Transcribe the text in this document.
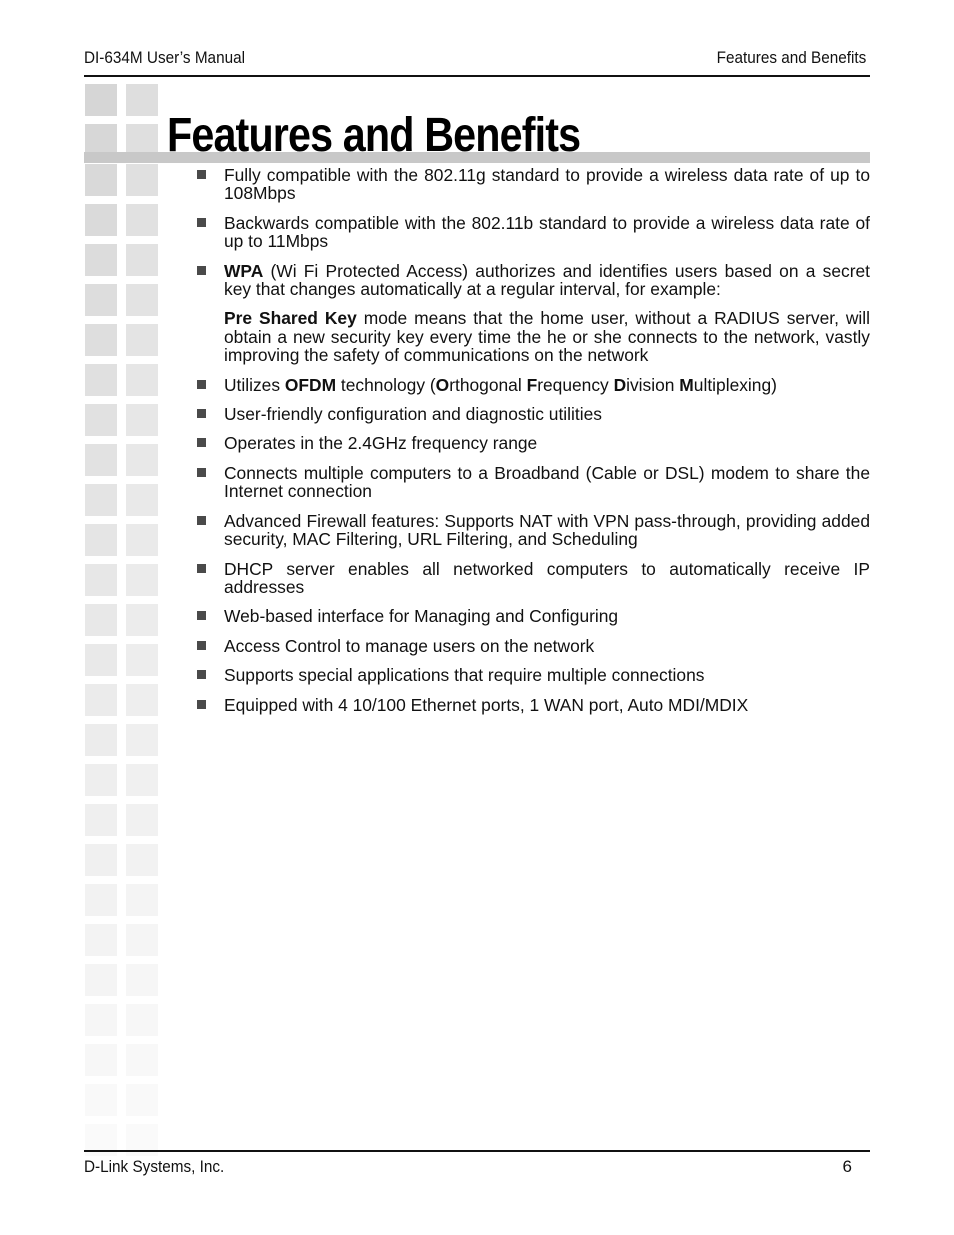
DI-634M User’s Manual	Features and Benefits
Features and Benefits
Fully compatible with the 802.11g standard to provide a wireless data rate of up to 108Mbps
Backwards compatible with the 802.11b standard to provide a wireless data rate of up to 11Mbps
WPA (Wi Fi Protected Access) authorizes and identifies users based on a secret key that changes automatically at a regular interval, for example:
Pre Shared Key mode means that the home user, without a RADIUS server, will obtain a new security key every time the he or she connects to the network, vastly improving the safety of communications on the network
Utilizes OFDM technology (Orthogonal Frequency Division Multiplexing)
User-friendly configuration and diagnostic utilities
Operates in the 2.4GHz frequency range
Connects multiple computers to a Broadband (Cable or DSL) modem to share the Internet connection
Advanced Firewall features: Supports NAT with VPN pass-through, providing added security, MAC Filtering, URL Filtering, and Scheduling
DHCP server enables all networked computers to automatically receive IP addresses
Web-based interface for Managing and Configuring
Access Control to manage users on the network
Supports special applications that require multiple connections
Equipped with 4 10/100 Ethernet ports, 1 WAN port, Auto MDI/MDIX
D-Link Systems, Inc.	6
